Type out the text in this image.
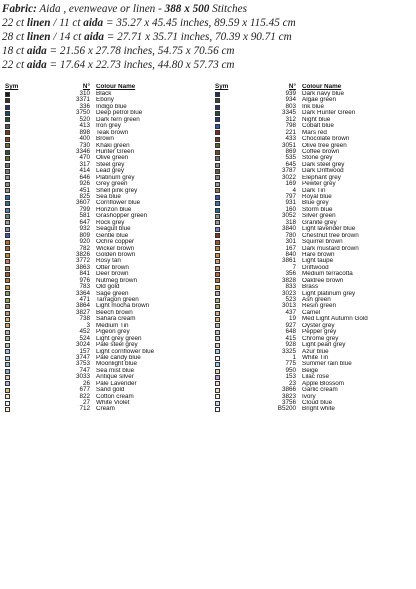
Fabric: Aida , evenweave or linen - 388 x 500 Stitches
22 ct linen / 11 ct aida = 35.27 x 45.45 inches, 89.59 x 115.45 cm
28 ct linen / 14 ct aida = 27.71 x 35.71 inches, 70.39 x 90.71 cm
18 ct aida = 21.56 x 27.78 inches, 54.75 x 70.56 cm
22 ct aida = 17.64 x 22.73 inches, 44.80 x 57.73 cm
Sym	N° Colour Name
310 Black
3371 Ebony
336 Indigo blue
3750 Deep petrol blue
520 Dark fern green
413 Iron grey
898 Teak brown
400 Brown
730 Khaki green
3346 Hunter Green
470 Olive green
317 Steel grey
414 Lead grey
646 Platinum grey
926 Grey green
451 Shell pink grey
825 Sea blue
3607 Cornflower blue
799 Horizon blue
581 Grashopper green
647 Rock grey
932 Seagull blue
809 Gentle blue
920 Ochre copper
782 Wicker brown
3826 Golden brown
3772 Rosy tan
3863 Otter brown
841 Deer brown
976 Nutmeg brown
783 Old gold
3364 Sage green
471 Tarragon green
3864 Light mocha brown
3827 Beech brown
738 Sahara cream
3 Medium Tin
452 Pigeon grey
524 Light grey green
3024 Pale steel grey
157 Light cornflower blue
3747 Pale candy blue
3753 Moonlight blue
747 Sea mist blue
3033 Antique silver
26 Pale Lavender
677 Sand gold
822 Cotton cream
27 White Violet
712 Cream
Sym	N° Colour Name
939 Dark navy blue
934 Algae green
803 Ink blue
3345 Dark Hunter Green
312 Night blue
798 Cobalt blue
221 Mars red
433 Chocolate brown
3051 Olive tree green
869 Coffee brown
535 Stone grey
645 Dark steel grey
3787 Dark Driftwood
3022 Elephant grey
169 Pewter grey
4 Dark Tin
797 Royal blue
931 Blue grey
160 Storm blue
3052 Silver green
318 Granite grey
3840 Light lavender blue
780 Chestnut tree brown
301 Squirrel brown
167 Dark mustard brown
840 Hare brown
3861 Light taupe
7 Driftwood
356 Medium terracotta
3828 Oaktree brown
833 Brass
3023 Light platinum grey
523 Ash green
3013 Resin green
437 Camel
19 Med Light Autumn Gold
927 Oyster grey
648 Pepper grey
415 Chrome grey
928 Light pearl grey
3325 Azur blue
1 White Tin
775 Summer rain blue
950 Beige
153 Lilac rose
23 Apple Blossom
3866 Garlic cream
3823 Ivory
3756 Cloud blue
B5200 Bright white
